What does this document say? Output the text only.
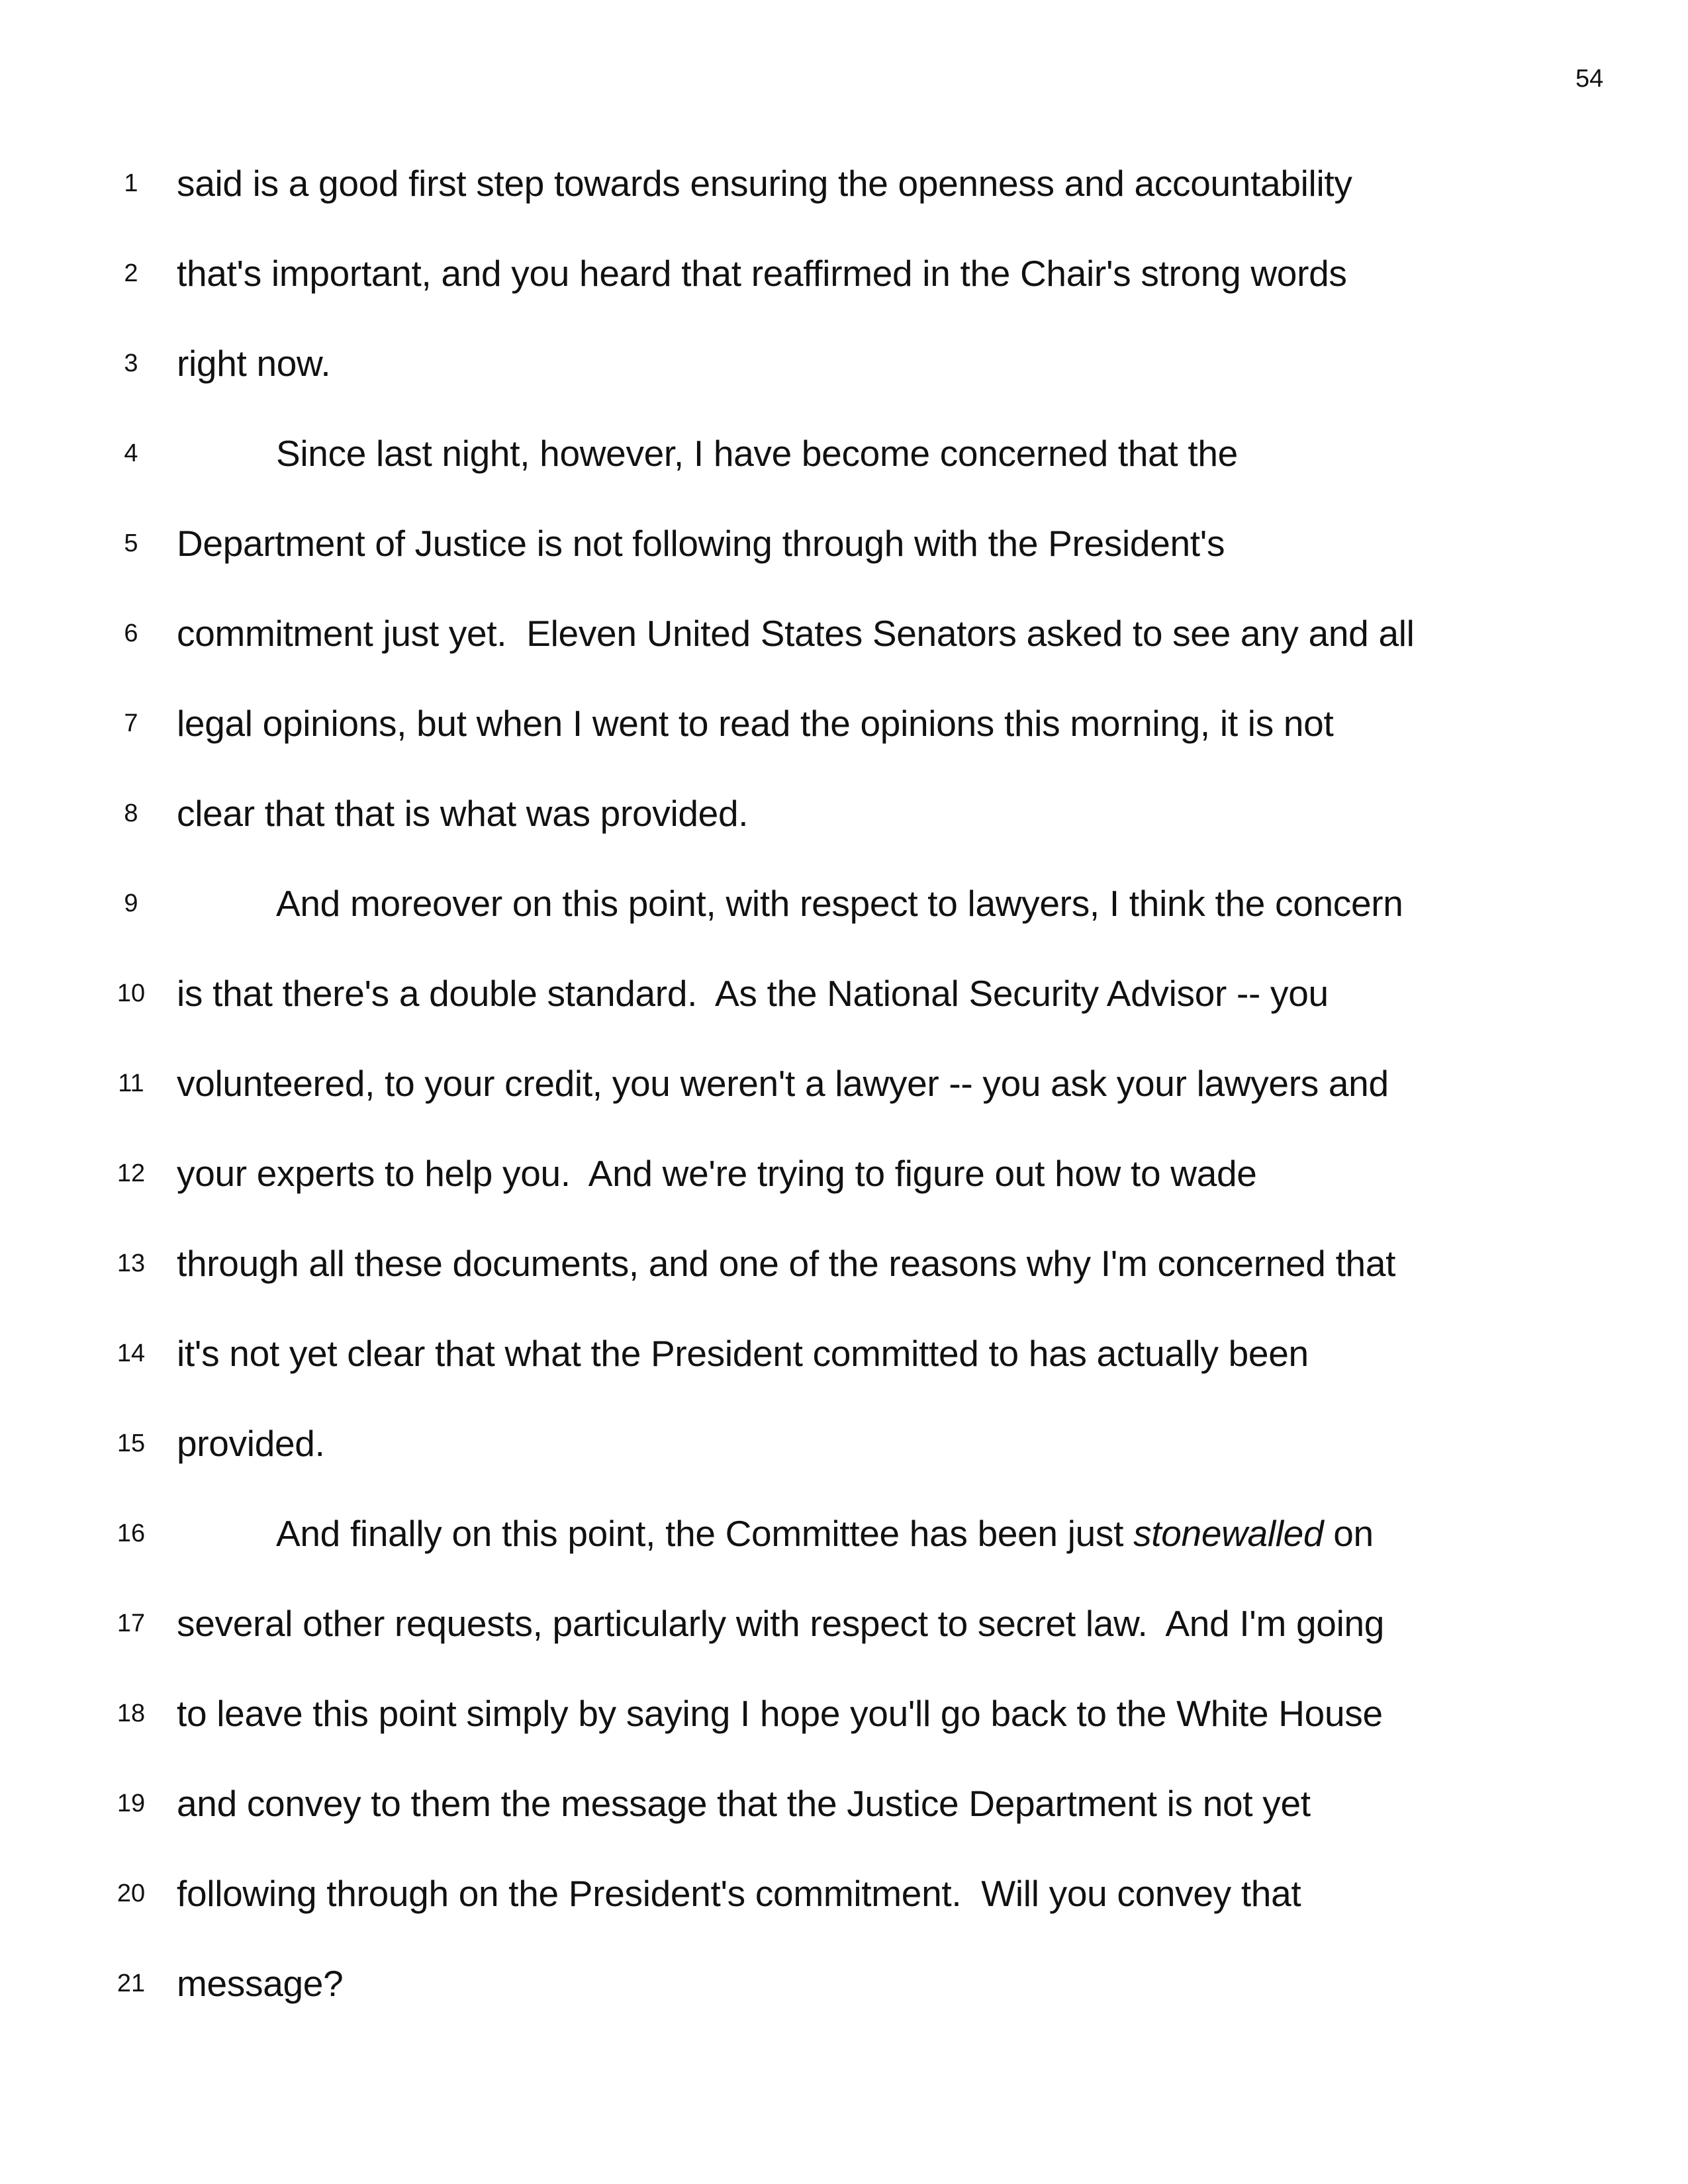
54
1	said is a good first step towards ensuring the openness and accountability
2	that's important, and you heard that reaffirmed in the Chair's strong words
3	right now.
4	Since last night, however, I have become concerned that the
5	Department of Justice is not following through with the President's
6	commitment just yet.  Eleven United States Senators asked to see any and all
7	legal opinions, but when I went to read the opinions this morning, it is not
8	clear that that is what was provided.
9	And moreover on this point, with respect to lawyers, I think the concern
10 is that there's a double standard.  As the National Security Advisor -- you
11 volunteered, to your credit, you weren't a lawyer -- you ask your lawyers and
12 your experts to help you.  And we're trying to figure out how to wade
13 through all these documents, and one of the reasons why I'm concerned that
14 it's not yet clear that what the President committed to has actually been
15 provided.
16	And finally on this point, the Committee has been just stonewalled on
17 several other requests, particularly with respect to secret law.  And I'm going
18 to leave this point simply by saying I hope you'll go back to the White House
19 and convey to them the message that the Justice Department is not yet
20 following through on the President's commitment.  Will you convey that
21 message?
